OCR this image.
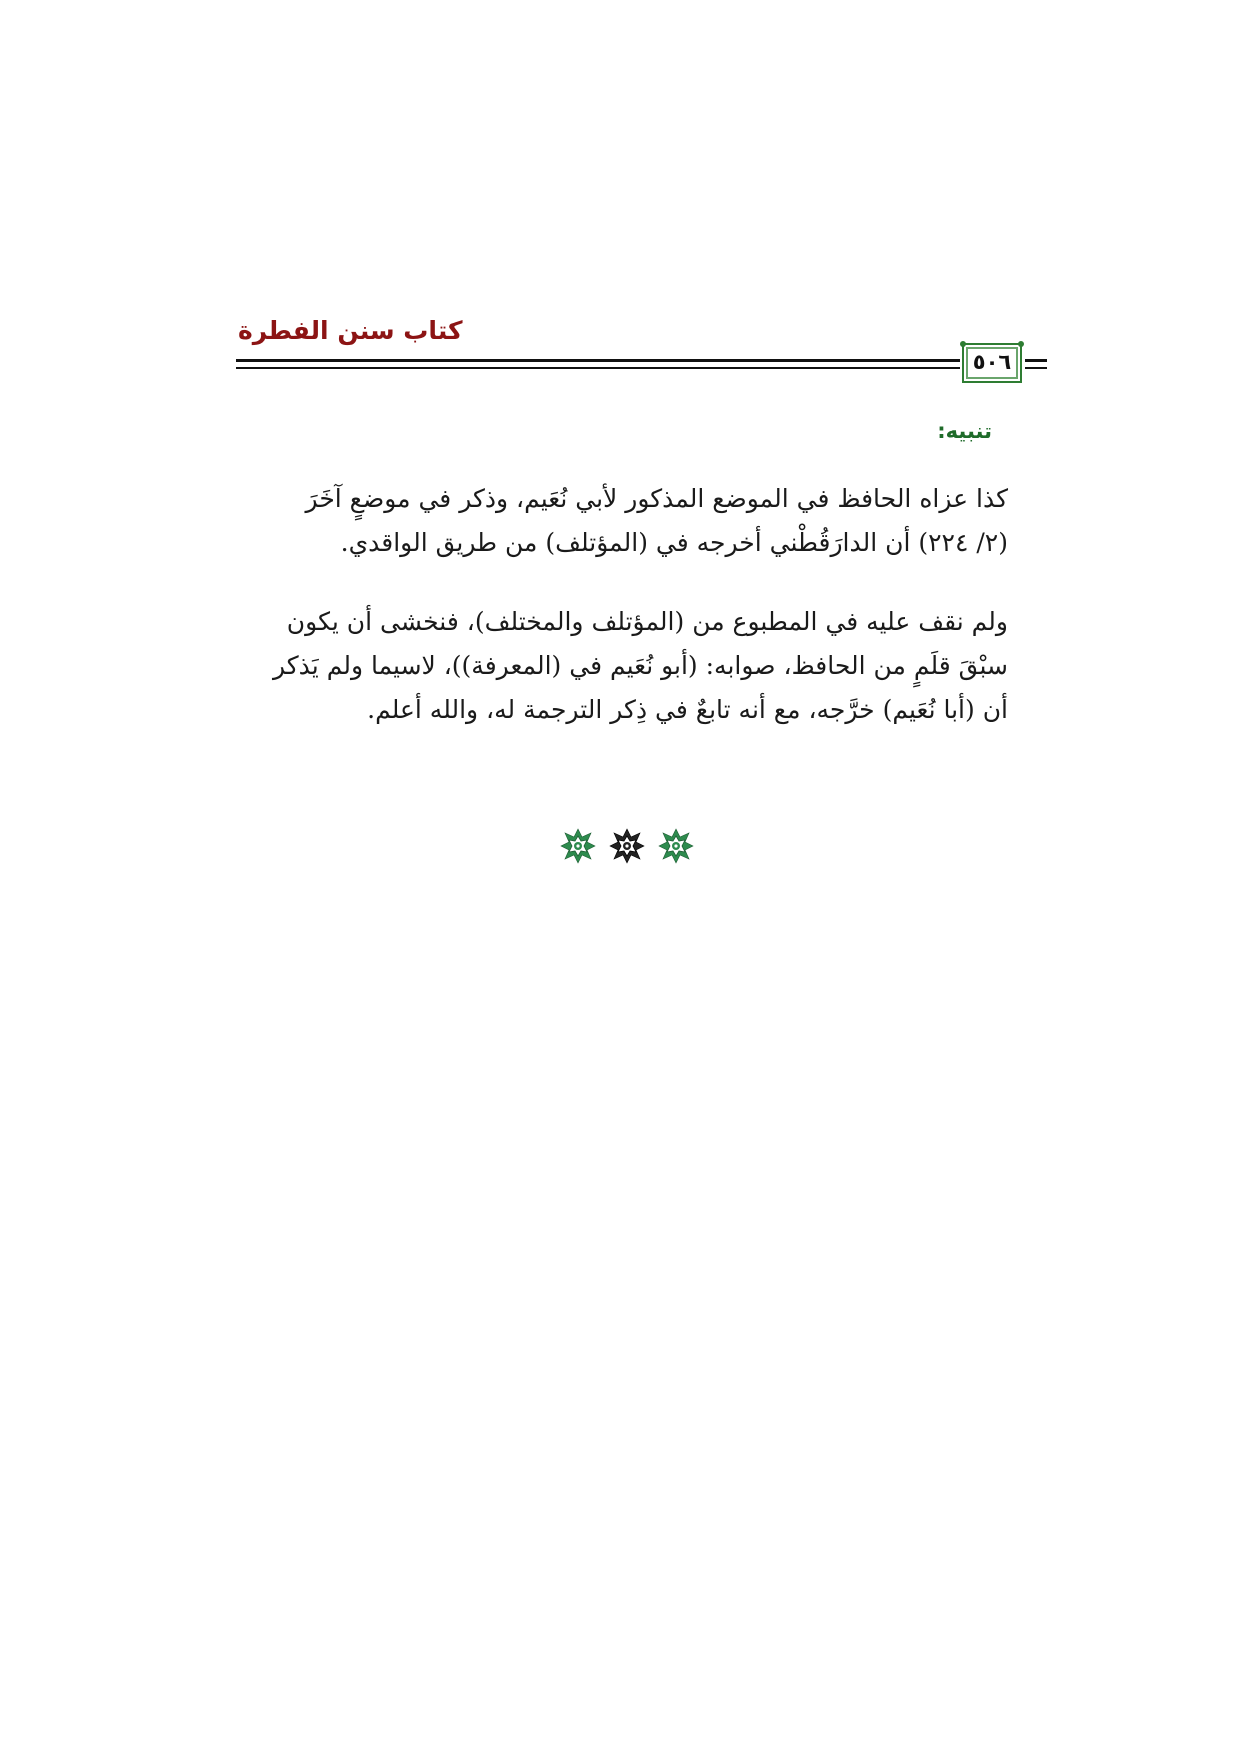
كتاب سنن الفطرة
٥٠٦
تنبيه:
كذا عزاه الحافظ في الموضع المذكور لأبي نُعَيم، وذكر في موضعٍ آخَرَ
(٢/ ٢٢٤) أن الدارَقُطْني أخرجه في (المؤتلف) من طريق الواقدي.
ولم نقف عليه في المطبوع من (المؤتلف والمختلف)، فنخشى أن يكون
سبْقَ قلَمٍ من الحافظ، صوابه: (أبو نُعَيم في (المعرفة))، لاسيما ولم يَذكر
أن (أبا نُعَيم) خرَّجه، مع أنه تابعٌ في ذِكر الترجمة له، والله أعلم.
